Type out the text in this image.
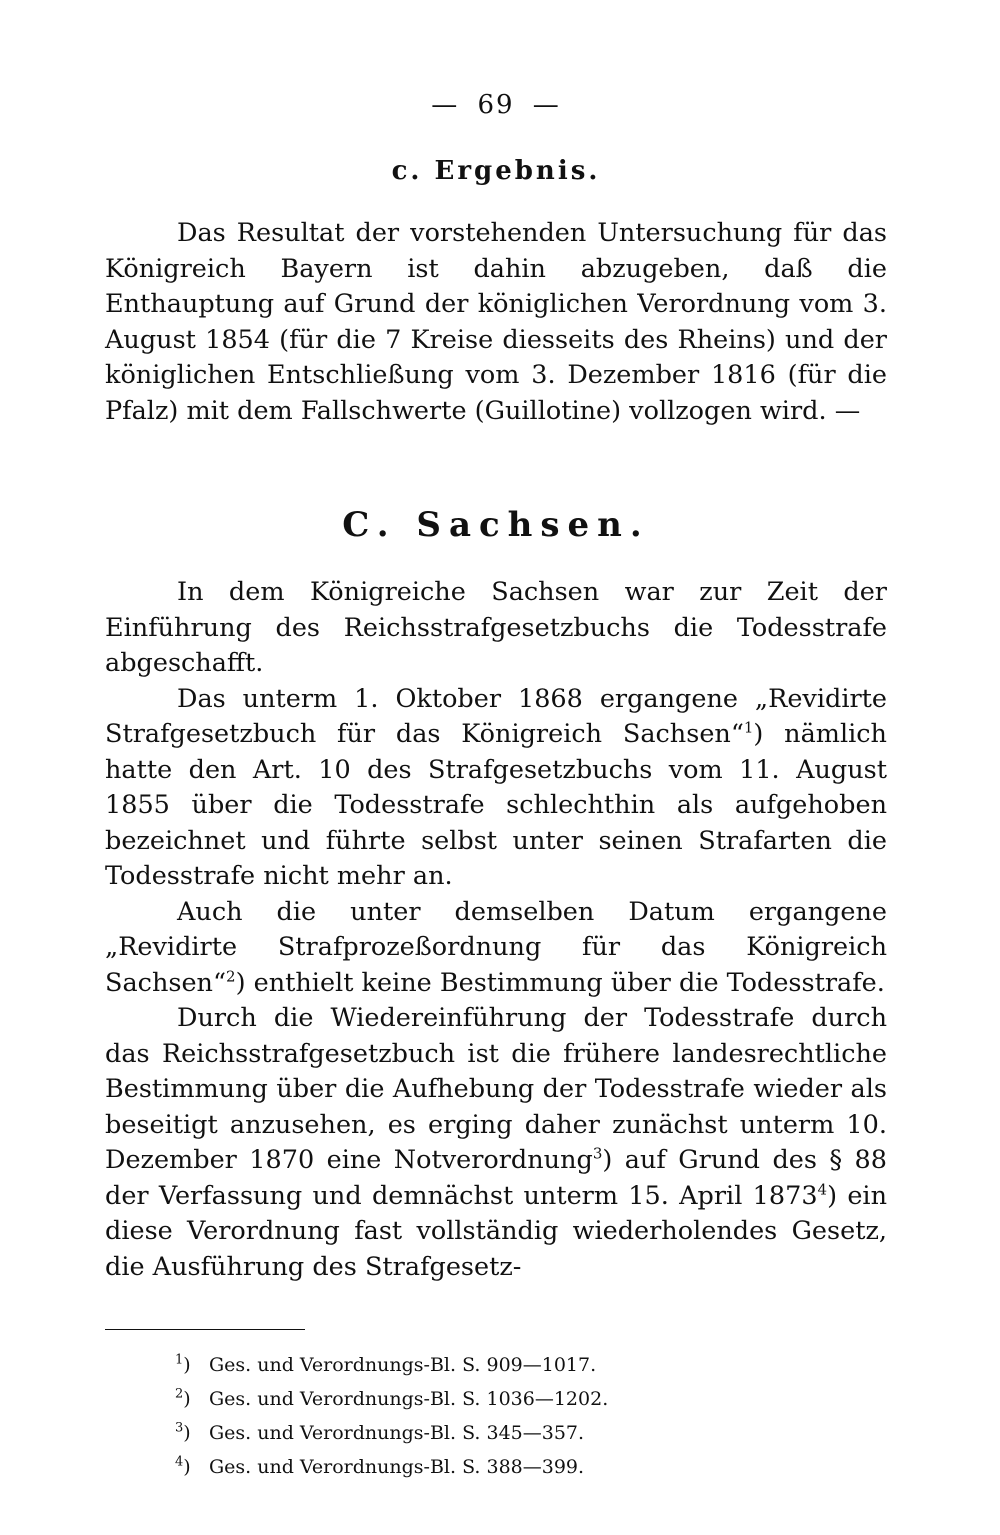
— 69 —
c. Ergebnis.

Das Resultat der vorstehenden Untersuchung für das Königreich Bayern ist dahin abzugeben, daß die Enthauptung auf Grund der königlichen Verordnung vom 3. August 1854 (für die 7 Kreise diesseits des Rheins) und der königlichen Entschließung vom 3. Dezember 1816 (für die Pfalz) mit dem Fallschwerte (Guillotine) vollzogen wird. —

C. Sachsen.

In dem Königreiche Sachsen war zur Zeit der Einführung des Reichsstrafgesetzbuchs die Todesstrafe abgeschafft.

Das unterm 1. Oktober 1868 ergangene „Revidirte Strafgesetzbuch für das Königreich Sachsen“$^1$) nämlich hatte den Art. 10 des Strafgesetzbuchs vom 11. August 1855 über die Todesstrafe schlechthin als aufgehoben bezeichnet und führte selbst unter seinen Strafarten die Todesstrafe nicht mehr an.

Auch die unter demselben Datum ergangene „Revidirte Strafprozeßordnung für das Königreich Sachsen“$^2$) enthielt keine Bestimmung über die Todesstrafe.

Durch die Wiedereinführung der Todesstrafe durch das Reichsstrafgesetzbuch ist die frühere landesrechtliche Bestimmung über die Aufhebung der Todesstrafe wieder als beseitigt anzusehen, es erging daher zunächst unterm 10. Dezember 1870 eine Notverordnung$^3$) auf Grund des § 88 der Verfassung und demnächst unterm 15. April 1873$^4$) ein diese Verordnung fast vollständig wiederholendes Gesetz, die Ausführung des Strafgesetz-

$^1$) Ges. und Verordnungs-Bl. S. 909—1017.
$^2$) Ges. und Verordnungs-Bl. S. 1036—1202.
$^3$) Ges. und Verordnungs-Bl. S. 345—357.
$^4$) Ges. und Verordnungs-Bl. S. 388—399.
